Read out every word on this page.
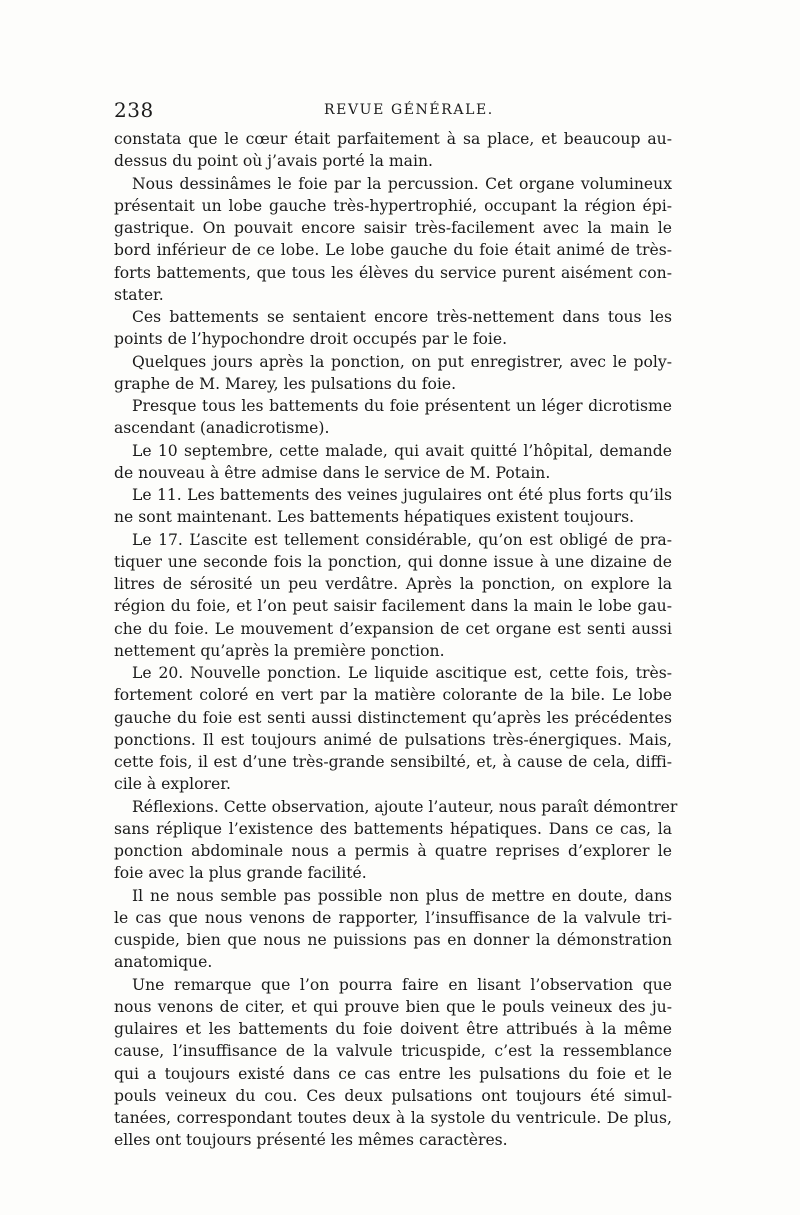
238	REVUE GÉNÉRALE.
constata que le cœur était parfaitement à sa place, et beaucoup au-
dessus du point où j’avais porté la main.
Nous dessinâmes le foie par la percussion. Cet organe volumineux
présentait un lobe gauche très-hypertrophié, occupant la région épi-
gastrique. On pouvait encore saisir très-facilement avec la main le
bord inférieur de ce lobe. Le lobe gauche du foie était animé de très-
forts battements, que tous les élèves du service purent aisément con-
stater.
Ces battements se sentaient encore très-nettement dans tous les
points de l’hypochondre droit occupés par le foie.
Quelques jours après la ponction, on put enregistrer, avec le poly-
graphe de M. Marey, les pulsations du foie.
Presque tous les battements du foie présentent un léger dicrotisme
ascendant (anadicrotisme).
Le 10 septembre, cette malade, qui avait quitté l’hôpital, demande
de nouveau à être admise dans le service de M. Potain.
Le 11. Les battements des veines jugulaires ont été plus forts qu’ils
ne sont maintenant. Les battements hépatiques existent toujours.
Le 17. L’ascite est tellement considérable, qu’on est obligé de pra-
tiquer une seconde fois la ponction, qui donne issue à une dizaine de
litres de sérosité un peu verdâtre. Après la ponction, on explore la
région du foie, et l’on peut saisir facilement dans la main le lobe gau-
che du foie. Le mouvement d’expansion de cet organe est senti aussi
nettement qu’après la première ponction.
Le 20. Nouvelle ponction. Le liquide ascitique est, cette fois, très-
fortement coloré en vert par la matière colorante de la bile. Le lobe
gauche du foie est senti aussi distinctement qu’après les précédentes
ponctions. Il est toujours animé de pulsations très-énergiques. Mais,
cette fois, il est d’une très-grande sensibilté, et, à cause de cela, diffi-
cile à explorer.
Réflexions. Cette observation, ajoute l’auteur, nous paraît démontrer
sans réplique l’existence des battements hépatiques. Dans ce cas, la
ponction abdominale nous a permis à quatre reprises d’explorer le
foie avec la plus grande facilité.
Il ne nous semble pas possible non plus de mettre en doute, dans
le cas que nous venons de rapporter, l’insuffisance de la valvule tri-
cuspide, bien que nous ne puissions pas en donner la démonstration
anatomique.
Une remarque que l’on pourra faire en lisant l’observation que
nous venons de citer, et qui prouve bien que le pouls veineux des ju-
gulaires et les battements du foie doivent être attribués à la même
cause, l’insuffisance de la valvule tricuspide, c’est la ressemblance
qui a toujours existé dans ce cas entre les pulsations du foie et le
pouls veineux du cou. Ces deux pulsations ont toujours été simul-
tanées, correspondant toutes deux à la systole du ventricule. De plus,
elles ont toujours présenté les mêmes caractères.
